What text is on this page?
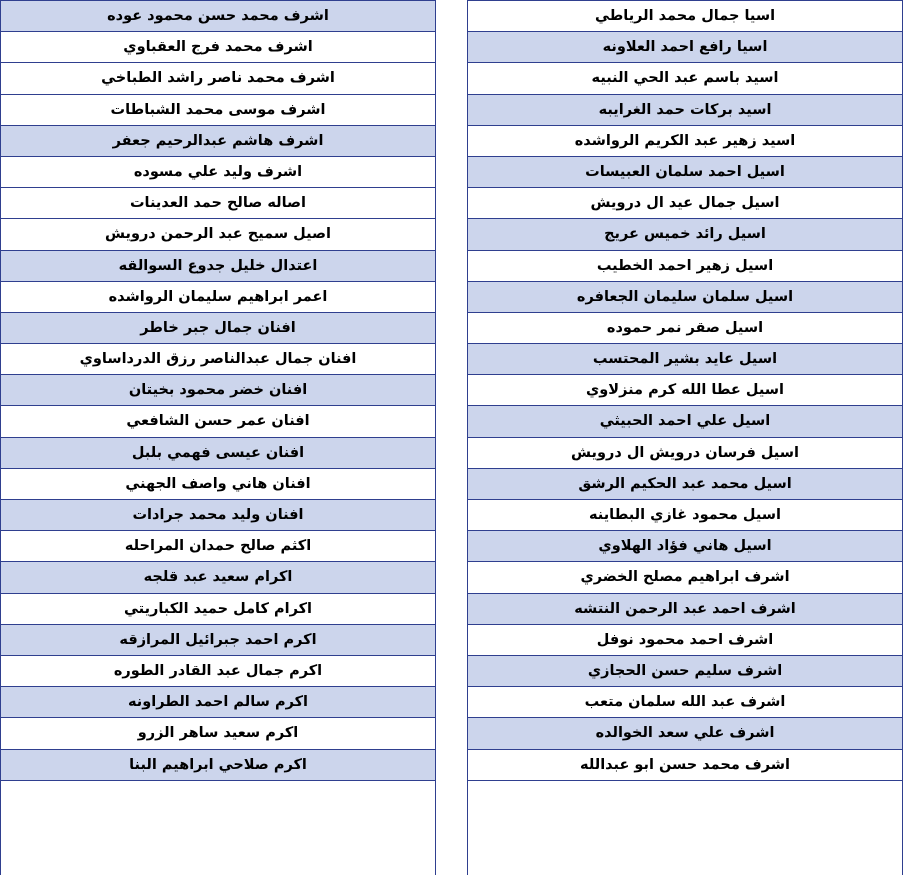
اسيا جمال محمد الرياطي
اسيا رافع احمد العلاونه
اسيد باسم عبد الحي النبيه
اسيد بركات حمد الغرايبه
اسيد زهير عبد الكريم الرواشده
اسيل احمد سلمان العبيسات
اسيل جمال عيد ال درويش
اسيل رائد خميس عريج
اسيل زهير احمد الخطيب
اسيل سلمان سليمان الجعافره
اسيل صقر نمر حموده
اسيل عايد بشير المحتسب
اسيل عطا الله كرم منزلاوي
اسيل علي احمد الحبيثي
اسيل فرسان درويش ال درويش
اسيل محمد عبد الحكيم الرشق
اسيل محمود غازي البطاينه
اسيل هاني فؤاد الهلاوي
اشرف ابراهيم مصلح الخضري
اشرف احمد عبد الرحمن النتشه
اشرف احمد محمود نوفل
اشرف سليم حسن الحجازي
اشرف عبد الله سلمان متعب
اشرف علي سعد الخوالده
اشرف محمد حسن ابو عبدالله
اشرف محمد حسن محمود عوده
اشرف محمد فرج العقباوي
اشرف محمد ناصر راشد الطباخي
اشرف موسى محمد الشباطات
اشرف هاشم عبدالرحيم جعفر
اشرف وليد علي مسوده
اصاله صالح حمد العدينات
اصيل سميح عبد الرحمن درويش
اعتدال خليل جدوع السوالقه
اعمر ابراهيم سليمان الرواشده
افنان جمال جبر خاطر
افنان جمال عبدالناصر رزق الدرداساوي
افنان خضر محمود بخيتان
افنان عمر حسن الشافعي
افنان عيسى فهمي بلبل
افنان هاني واصف الجهني
افنان وليد محمد جرادات
اكثم صالح حمدان المراحله
اكرام سعيد عبد قلجه
اكرام كامل حميد الكباريتي
اكرم احمد جبرائيل المرازقه
اكرم جمال عبد القادر الطوره
اكرم سالم احمد الطراونه
اكرم سعيد ساهر الزرو
اكرم صلاحي ابراهيم البنا
